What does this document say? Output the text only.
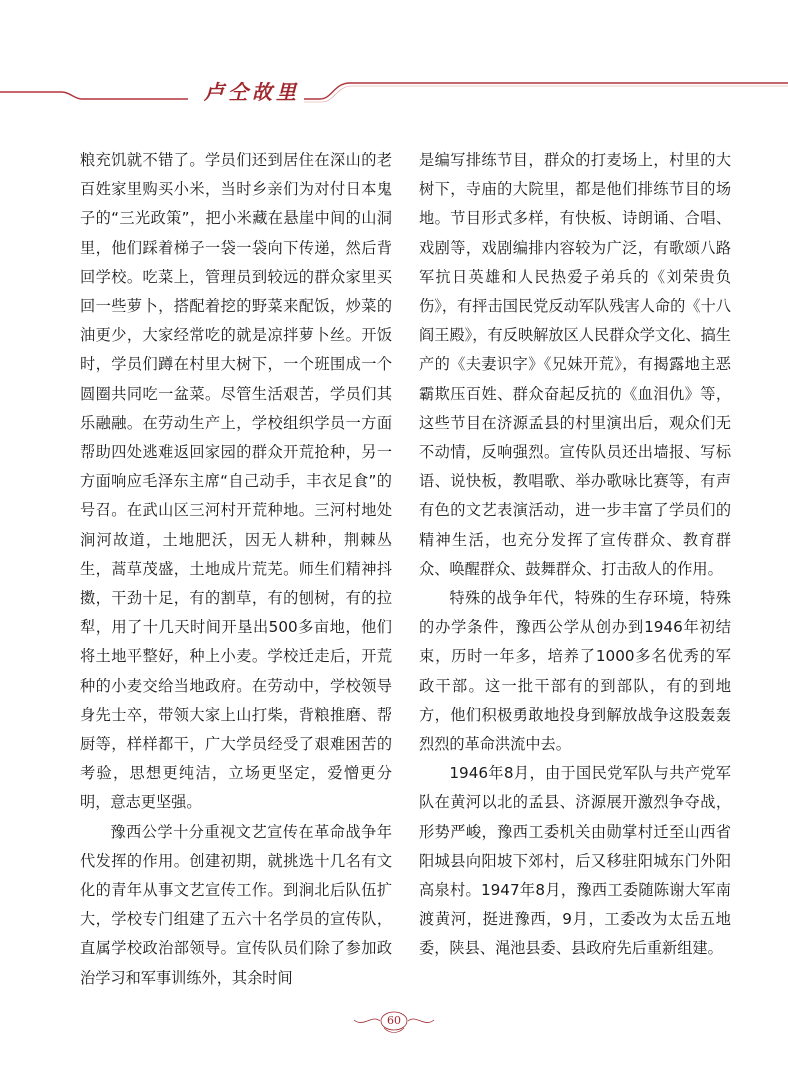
卢仝故里

粮充饥就不错了。学员们还到居住在深山的老百姓家里购买小米，当时乡亲们为对付日本鬼子的“三光政策”，把小米藏在悬崖中间的山洞里，他们踩着梯子一袋一袋向下传递，然后背回学校。吃菜上，管理员到较远的群众家里买回一些萝卜，搭配着挖的野菜来配饭，炒菜的油更少，大家经常吃的就是凉拌萝卜丝。开饭时，学员们蹲在村里大树下，一个班围成一个圆圈共同吃一盆菜。尽管生活艰苦，学员们其乐融融。在劳动生产上，学校组织学员一方面帮助四处逃难返回家园的群众开荒抢种，另一方面响应毛泽东主席“自己动手，丰衣足食”的号召。在武山区三河村开荒种地。三河村地处涧河故道，土地肥沃，因无人耕种，荆棘丛生，蒿草茂盛，土地成片荒芜。师生们精神抖擞，干劲十足，有的割草，有的刨树，有的拉犁，用了十几天时间开垦出500多亩地，他们将土地平整好，种上小麦。学校迁走后，开荒种的小麦交给当地政府。在劳动中，学校领导身先士卒，带领大家上山打柴，背粮推磨、帮厨等，样样都干，广大学员经受了艰难困苦的考验，思想更纯洁，立场更坚定，爱憎更分明，意志更坚强。

豫西公学十分重视文艺宣传在革命战争年代发挥的作用。创建初期，就挑选十几名有文化的青年从事文艺宣传工作。到涧北后队伍扩大，学校专门组建了五六十名学员的宣传队，直属学校政治部领导。宣传队员们除了参加政治学习和军事训练外，其余时间

是编写排练节目，群众的打麦场上，村里的大树下，寺庙的大院里，都是他们排练节目的场地。节目形式多样，有快板、诗朗诵、合唱、戏剧等，戏剧编排内容较为广泛，有歌颂八路军抗日英雄和人民热爱子弟兵的《刘荣贵负伤》，有抨击国民党反动军队残害人命的《十八阎王殿》，有反映解放区人民群众学文化、搞生产的《夫妻识字》《兄妹开荒》，有揭露地主恶霸欺压百姓、群众奋起反抗的《血泪仇》等，这些节目在济源孟县的村里演出后，观众们无不动情，反响强烈。宣传队员还出墙报、写标语、说快板，教唱歌、举办歌咏比赛等，有声有色的文艺表演活动，进一步丰富了学员们的精神生活，也充分发挥了宣传群众、教育群众、唤醒群众、鼓舞群众、打击敌人的作用。

特殊的战争年代，特殊的生存环境，特殊的办学条件，豫西公学从创办到1946年初结束，历时一年多，培养了1000多名优秀的军政干部。这一批干部有的到部队，有的到地方，他们积极勇敢地投身到解放战争这股轰轰烈烈的革命洪流中去。

1946年8月，由于国民党军队与共产党军队在黄河以北的孟县、济源展开激烈争夺战，形势严峻，豫西工委机关由勋掌村迁至山西省阳城县向阳坡下郊村，后又移驻阳城东门外阳高泉村。1947年8月，豫西工委随陈谢大军南渡黄河，挺进豫西，9月，工委改为太岳五地委，陕县、渑池县委、县政府先后重新组建。

60
